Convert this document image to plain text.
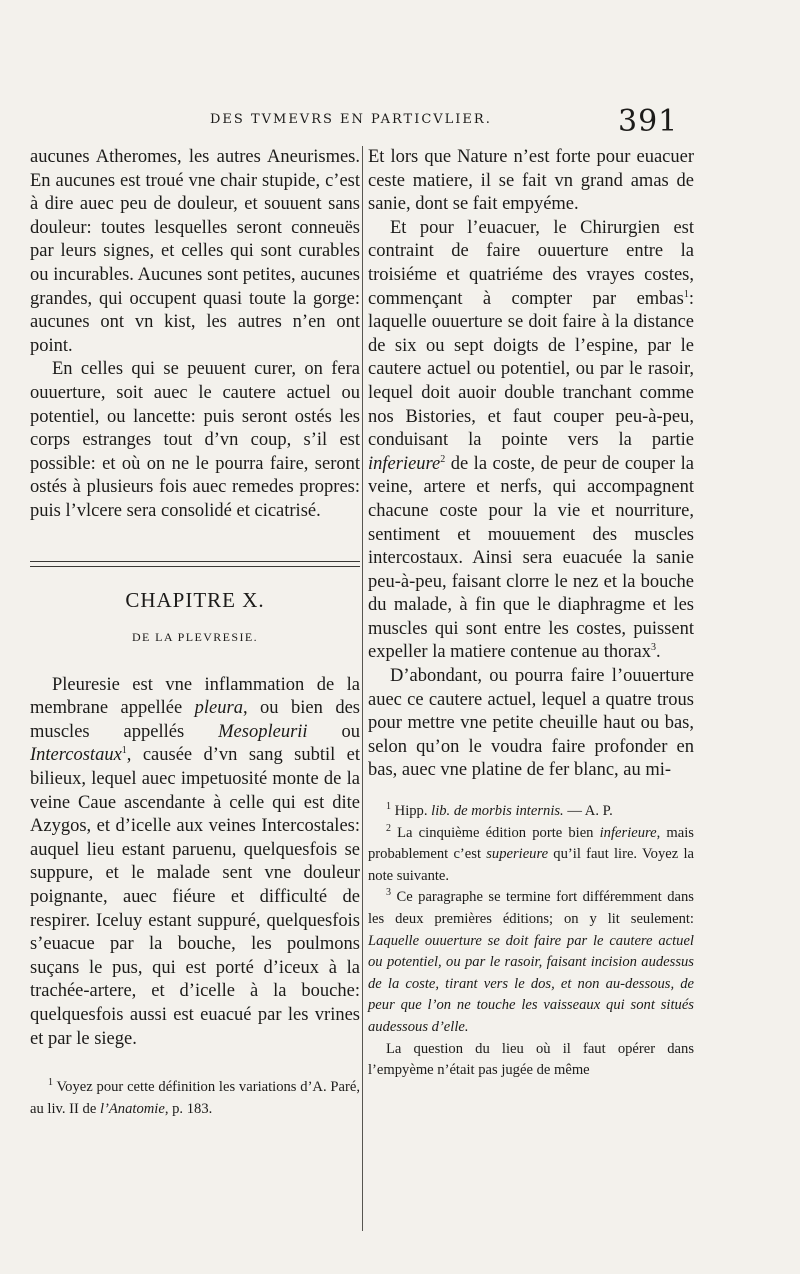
DES TVMEVRS EN PARTICVLIER.	391

aucunes Atheromes, les autres Aneurismes. En aucunes est troué vne chair stupide, c’est à dire auec peu de douleur, et souuent sans douleur: toutes lesquelles seront conneuës par leurs signes, et celles qui sont curables ou incurables. Aucunes sont petites, aucunes grandes, qui occupent quasi toute la gorge: aucunes ont vn kist, les autres n’en ont point.

En celles qui se peuuent curer, on fera ouuerture, soit auec le cautere actuel ou potentiel, ou lancette: puis seront ostés les corps estranges tout d’vn coup, s’il est possible: et où on ne le pourra faire, seront ostés à plusieurs fois auec remedes propres: puis l’vlcere sera consolidé et cicatrisé.

CHAPITRE X.
DE LA PLEVRESIE.

Pleuresie est vne inflammation de la membrane appellée pleura, ou bien des muscles appellés Mesopleurii ou Intercostaux$^1$, causée d’vn sang subtil et bilieux, lequel auec impetuosité monte de la veine Caue ascendante à celle qui est dite Azygos, et d’icelle aux veines Intercostales: auquel lieu estant paruenu, quelquesfois se suppure, et le malade sent vne douleur poignante, auec fiéure et difficulté de respirer. Iceluy estant suppuré, quelquesfois s’euacue par la bouche, les poulmons suçans le pus, qui est porté d’iceux à la trachée-artere, et d’icelle à la bouche: quelquesfois aussi est euacué par les vrines et par le siege.

$^1$ Voyez pour cette définition les variations d’A. Paré, au liv. II de l’Anatomie, p. 183.

Et lors que Nature n’est forte pour euacuer ceste matiere, il se fait vn grand amas de sanie, dont se fait empyéme.

Et pour l’euacuer, le Chirurgien est contraint de faire ouuerture entre la troisiéme et quatriéme des vrayes costes, commençant à compter par embas$^1$: laquelle ouuerture se doit faire à la distance de six ou sept doigts de l’espine, par le cautere actuel ou potentiel, ou par le rasoir, lequel doit auoir double tranchant comme nos Bistories, et faut couper peu-à-peu, conduisant la pointe vers la partie inferieure$^2$ de la coste, de peur de couper la veine, artere et nerfs, qui accompagnent chacune coste pour la vie et nourriture, sentiment et mouuement des muscles intercostaux. Ainsi sera euacuée la sanie peu-à-peu, faisant clorre le nez et la bouche du malade, à fin que le diaphragme et les muscles qui sont entre les costes, puissent expeller la matiere contenue au thorax$^3$.

D’abondant, ou pourra faire l’ouuerture auec ce cautere actuel, lequel a quatre trous pour mettre vne petite cheuille haut ou bas, selon qu’on le voudra faire profonder en bas, auec vne platine de fer blanc, au mi-

$^1$ Hipp. lib. de morbis internis. — A. P.

$^2$ La cinquième édition porte bien inferieure, mais probablement c’est superieure qu’il faut lire. Voyez la note suivante.

$^3$ Ce paragraphe se termine fort différemment dans les deux premières éditions; on y lit seulement: Laquelle ouuerture se doit faire par le cautere actuel ou potentiel, ou par le rasoir, faisant incision audessus de la coste, tirant vers le dos, et non au-dessous, de peur que l’on ne touche les vaisseaux qui sont situés audessous d’elle.

La question du lieu où il faut opérer dans l’empyème n’était pas jugée de même
